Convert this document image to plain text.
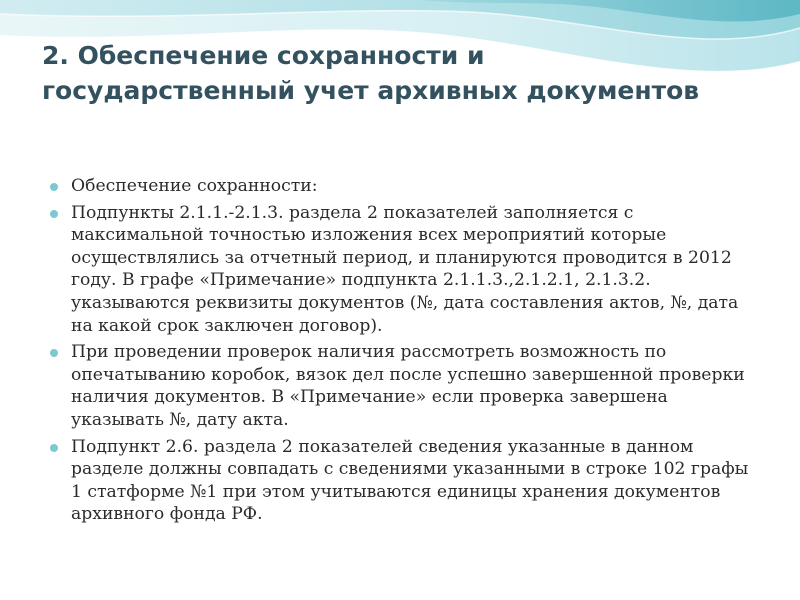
2. Обеспечение сохранности и государственный учет архивных документов
Обеспечение сохранности:
Подпункты 2.1.1.-2.1.3. раздела 2 показателей заполняется с максимальной точностью изложения всех мероприятий которые осуществлялись за отчетный период, и планируются проводится в 2012 году. В графе «Примечание» подпункта 2.1.1.3.,2.1.2.1, 2.1.3.2. указываются реквизиты документов (№, дата составления актов, №, дата на какой срок заключен договор).
При проведении проверок наличия рассмотреть возможность по опечатыванию коробок, вязок дел после успешно завершенной проверки наличия документов. В «Примечание» если проверка завершена указывать №, дату акта.
Подпункт 2.6. раздела 2 показателей сведения указанные в данном разделе должны совпадать с сведениями указанными в строке 102 графы 1 статформе №1 при этом учитываются единицы хранения документов архивного фонда РФ.
